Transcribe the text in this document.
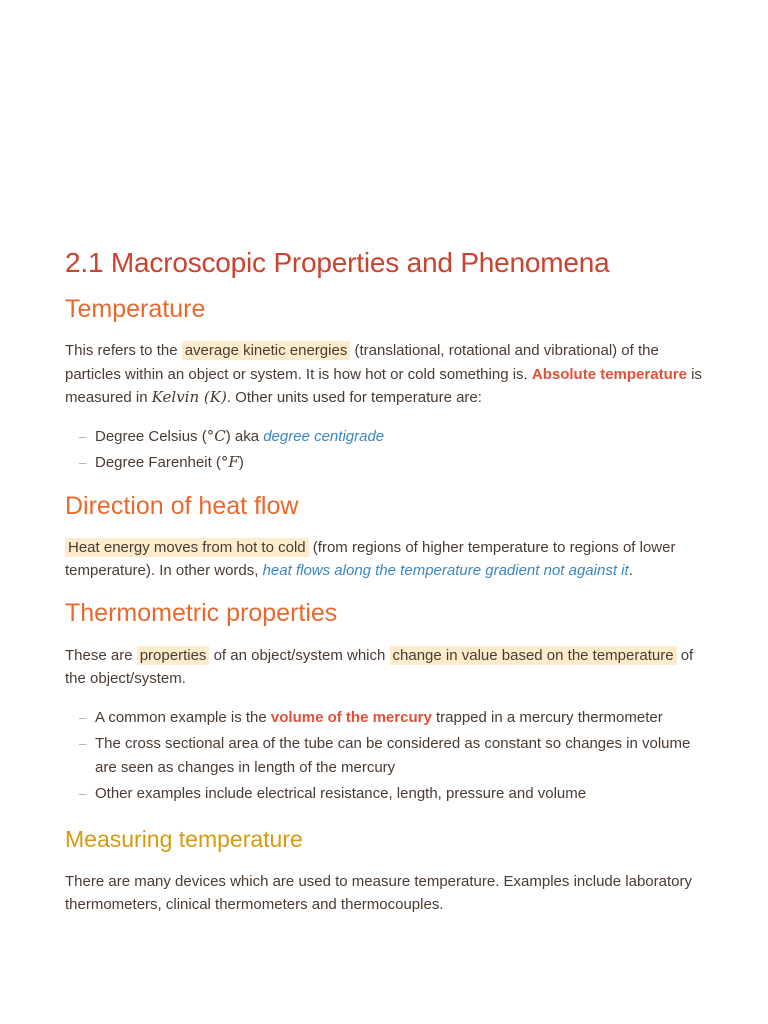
2.1 Macroscopic Properties and Phenomena
Temperature

This refers to the average kinetic energies (translational, rotational and vibrational) of the particles within an object or system. It is how hot or cold something is. Absolute temperature is measured in Kelvin (K). Other units used for temperature are:

– Degree Celsius (°C) aka degree centigrade
– Degree Farenheit (°F)
Direction of heat flow

Heat energy moves from hot to cold (from regions of higher temperature to regions of lower temperature). In other words, heat flows along the temperature gradient not against it.

Thermometric properties

These are properties of an object/system which change in value based on the temperature of the object/system.

– A common example is the volume of the mercury trapped in a mercury thermometer
– The cross sectional area of the tube can be considered as constant so changes in volume are seen as changes in length of the mercury
– Other examples include electrical resistance, length, pressure and volume
Measuring temperature

There are many devices which are used to measure temperature. Examples include laboratory thermometers, clinical thermometers and thermocouples.
